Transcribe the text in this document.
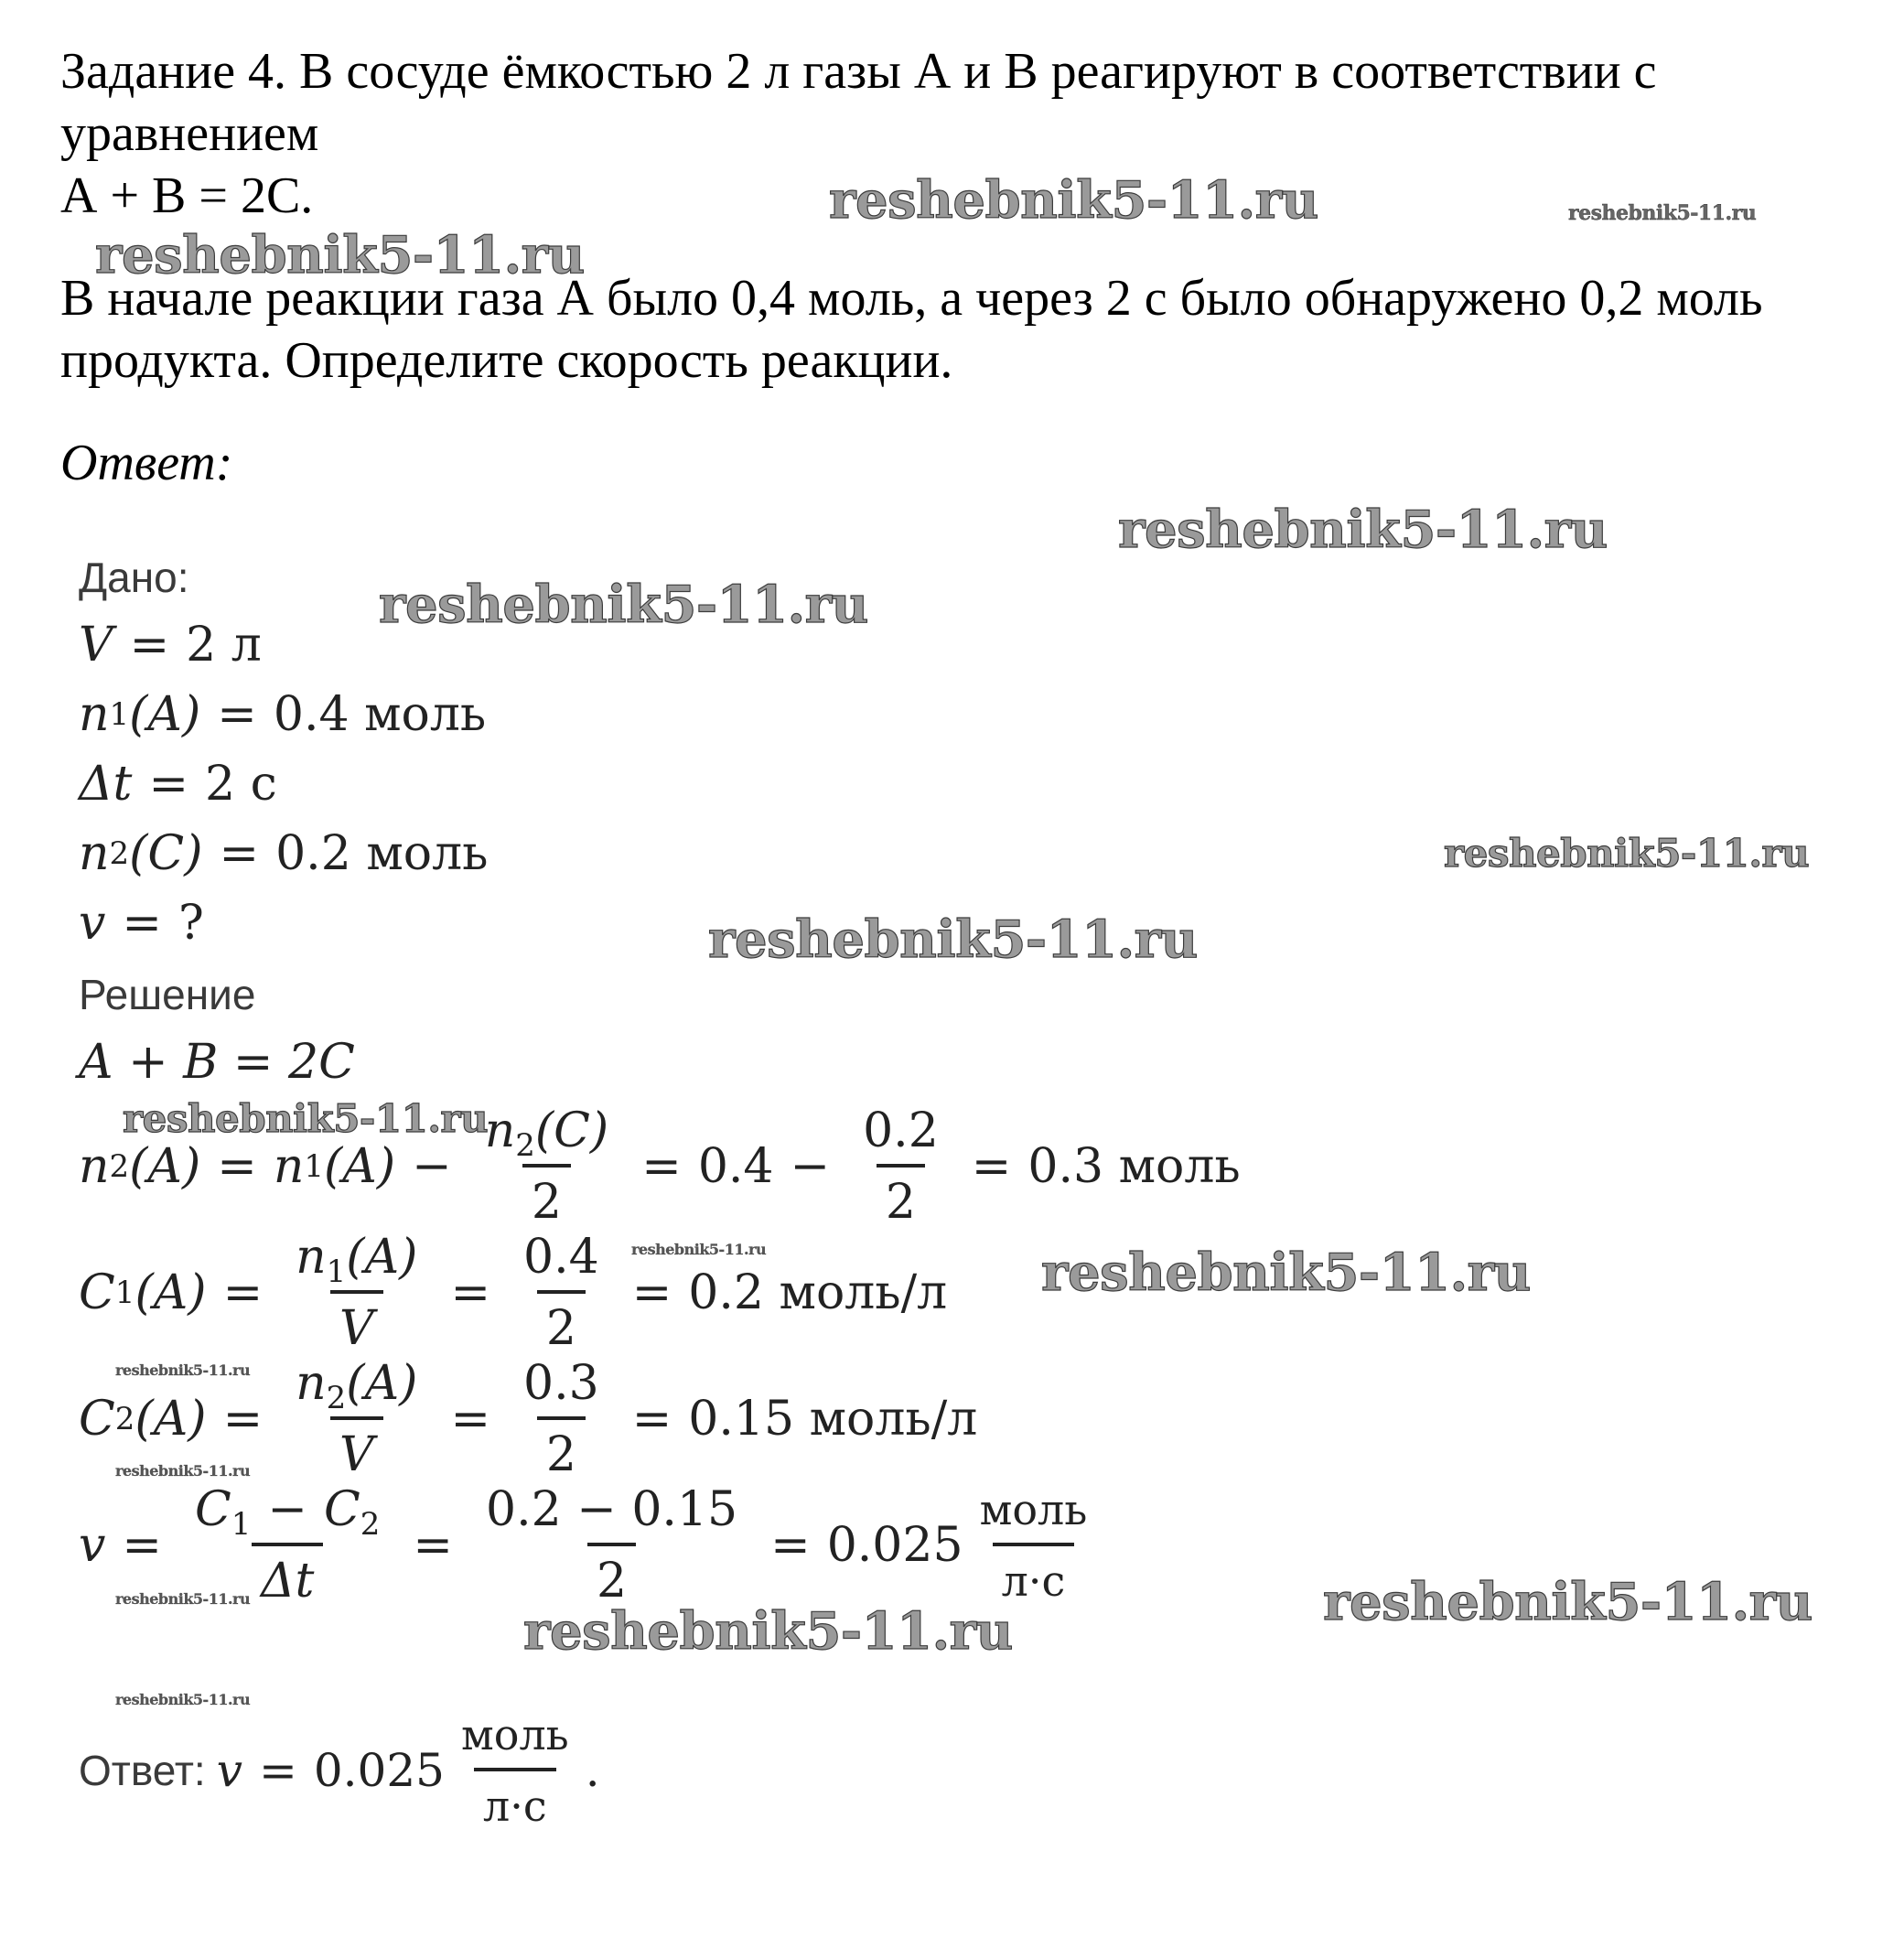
Задание 4. В сосуде ёмкостью 2 л газы А и В реагируют в соответствии с
уравнением
А + В = 2С.
В начале реакции газа А было 0,4 моль, а через 2 с было обнаружено 0,2 моль
продукта. Определите скорость реакции.
Ответ:
Дано:
V = 2 л
n 1 (A) = 0.4 моль
Δt = 2 с
n 2 (C) = 0.2 моль
v = ?
Решение
A + B = 2C
n 2 (A) = n 1 $(A) - \frac{n_2(C)}{2} = 0.4 - \frac{0.2}{2} = 0.3$ моль
C 1 $(A) = \frac{n_1(A)}{V} = \frac{0.4}{2} = 0.2$ моль/л
C 2 $(A) = \frac{n_2(A)}{V} = \frac{0.3}{2} = 0.15$ моль/л
$v = \frac{C_1 - C_2}{\Delta t} = \frac{0.2 - 0.15}{2} = 0.025 \frac{\text{моль}}{л\cdot с}$
Ответ: $v = 0.025 \frac{\text{моль}}{л\cdot с}$ .
reshebnik5-11.ru	reshebnik5-11.ru
reshebnik5-11.ru
reshebnik5-11.ru
reshebnik5-11.ru
reshebnik5-11.ru
reshebnik5-11.ru
reshebnik5-11.ru
reshebnik5-11.ru	reshebnik5-11.ru
reshebnik5-11.ru
reshebnik5-11.ru
reshebnik5-11.ru	reshebnik5-11.ru
reshebnik5-11.ru
reshebnik5-11.ru
